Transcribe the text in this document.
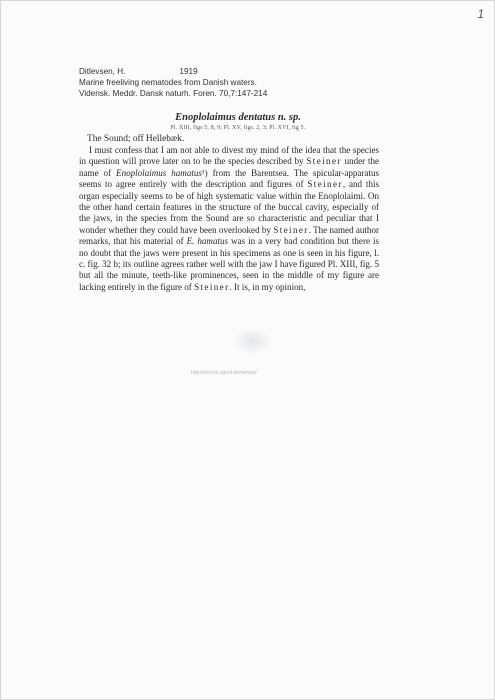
1
Ditlevsen, H.	1919
Marine freeliving nematodes from Danish waters.
Vidensk. Meddr. Dansk naturh. Foren. 70,7:147-214
Enoplolaimus dentatus n. sp.
Pl. XIII, figs 5, 8, 9; Pl. XV, figs. 2, 3; Pl. XVI, fig 5.
The Sound; off Hellebæk.
I must confess that I am not able to divest my mind of the idea that the species in question will prove later on to be the species described by Steiner under the name of Enoplolaimus hamatus¹) from the Barentsea. The spicular-apparatus seems to agree entirely with the description and figures of Steiner, and this organ especially seems to be of high systematic value within the Enoplolaimi. On the other hand certain features in the structure of the buccal cavity, especially of the jaws, in the species from the Sound are so characteristic and peculiar that I wonder whether they could have been overlooked by Steiner. The named author remarks, that his material of E. hamatus was in a very bad condition but there is no doubt that the jaws were present in his specimens as one is seen in his figure, l. c. fig. 32 b; its outline agrees rather well with the jaw I have figured Pl. XIII, fig. 5 but all the minute, teeth-like prominences, seen in the middle of my figure are lacking entirely in the figure of Steiner. It is, in my opinion,
http://nemys.ugent.be/nemys/
